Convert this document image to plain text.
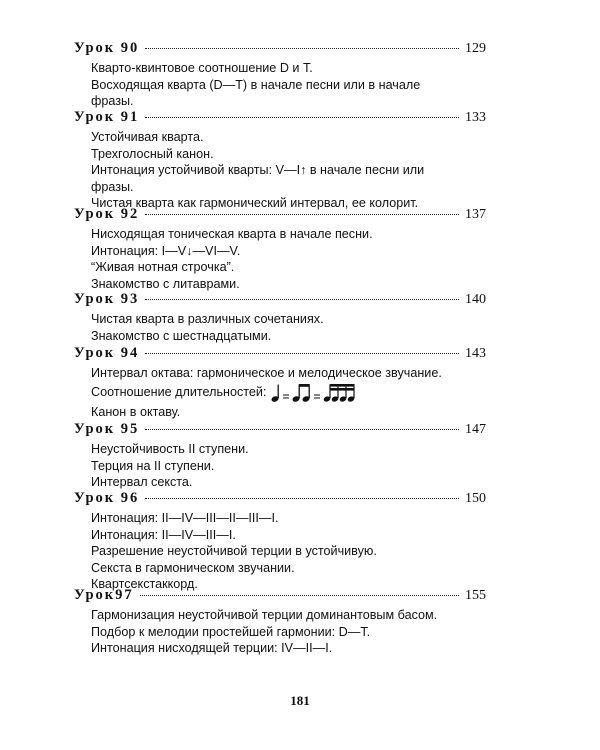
Урок 90	129
Кварто-квинтовое соотношение D и T.
Восходящая кварта (D—T) в начале песни или в начале
фразы.
Урок 91	133
Устойчивая кварта.
Трехголосный канон.
Интонация устойчивой кварты: V—I↑ в начале песни или
фразы.
Чистая кварта как гармонический интервал, ее колорит.
Урок 92	137
Нисходящая тоническая кварта в начале песни.
Интонация: I—V↓—VI—V.
“Живая нотная строчка”.
Знакомство с литаврами.
Урок 93	140
Чистая кварта в различных сочетаниях.
Знакомство с шестнадцатыми.
Урок 94	143
Интервал октава: гармоническое и мелодическое звучание.
Соотношение длительностей:
Канон в октаву.
Урок 95	147
Неустойчивость II ступени.
Терция на II ступени.
Интервал секста.
Урок 96	150
Интонация: II—IV—III—II—III—I.
Интонация: II—IV—III—I.
Разрешение неустойчивой терции в устойчивую.
Секста в гармоническом звучании.
Квартсекстаккорд.
Урок97	155
Гармонизация неустойчивой терции доминантовым басом.
Подбор к мелодии простейшей гармонии: D—T.
Интонация нисходящей терции: IV—II—I.
181
